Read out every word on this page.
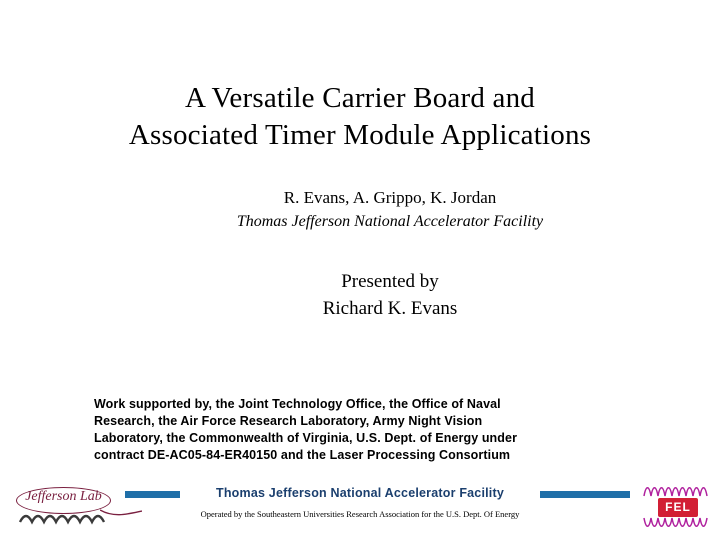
A Versatile Carrier Board and
Associated Timer Module Applications
R. Evans, A. Grippo, K. Jordan
Thomas Jefferson National Accelerator Facility
Presented by
Richard K. Evans
Work supported by, the Joint Technology Office, the Office of Naval
Research, the Air Force Research Laboratory, Army Night Vision
Laboratory, the Commonwealth of Virginia, U.S. Dept. of Energy under
contract DE-AC05-84-ER40150 and the Laser Processing Consortium
Jefferson Lab	Thomas Jefferson National Accelerator Facility
Operated by the Southeastern Universities Research Association for the U.S. Dept. Of Energy	FEL
